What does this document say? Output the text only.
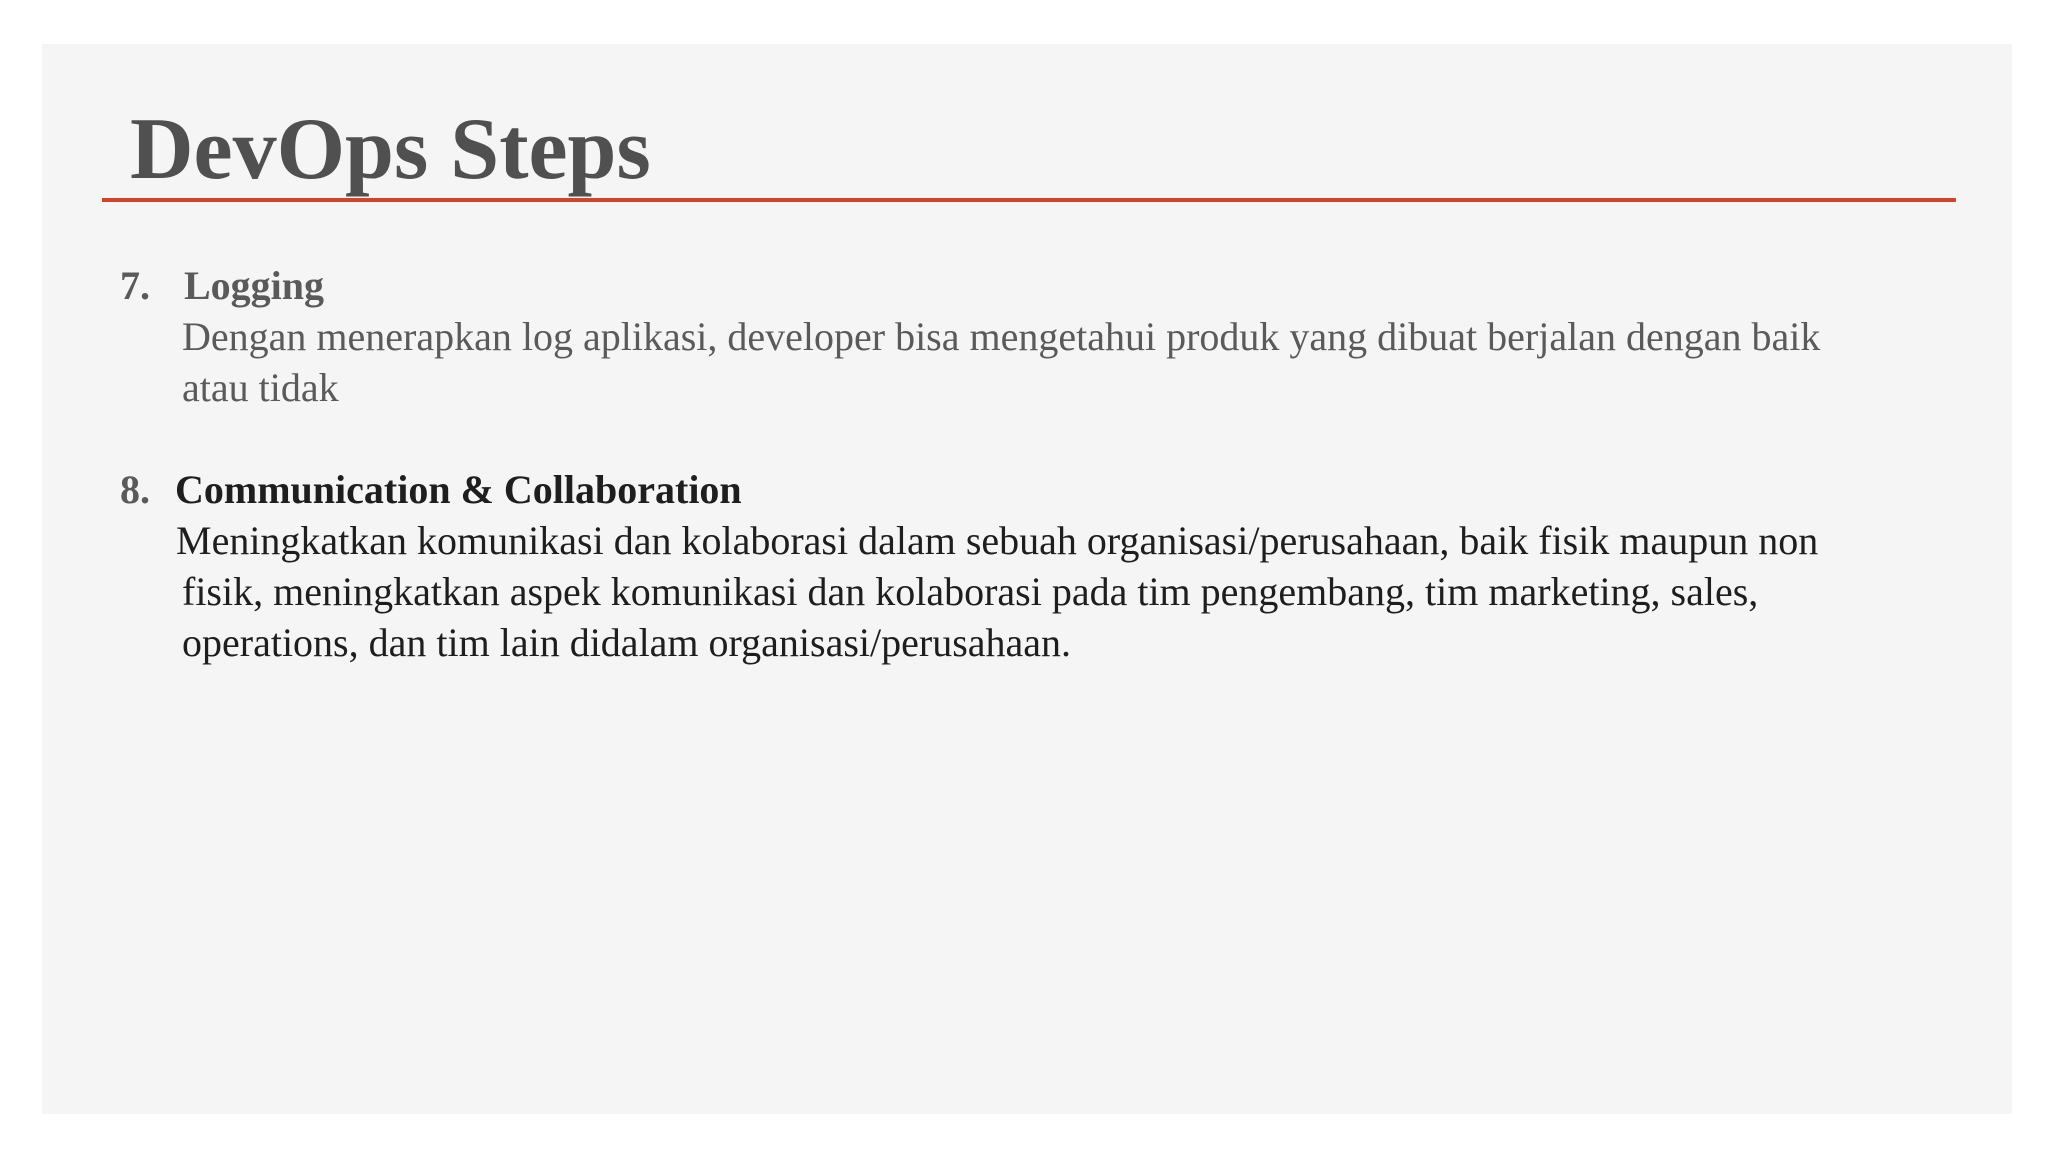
DevOps Steps
7. Logging
Dengan menerapkan log aplikasi, developer bisa mengetahui produk yang dibuat berjalan dengan baik
atau tidak
8. Communication & Collaboration
Meningkatkan komunikasi dan kolaborasi dalam sebuah organisasi/perusahaan, baik fisik maupun non
fisik, meningkatkan aspek komunikasi dan kolaborasi pada tim pengembang, tim marketing, sales,
operations, dan tim lain didalam organisasi/perusahaan.
